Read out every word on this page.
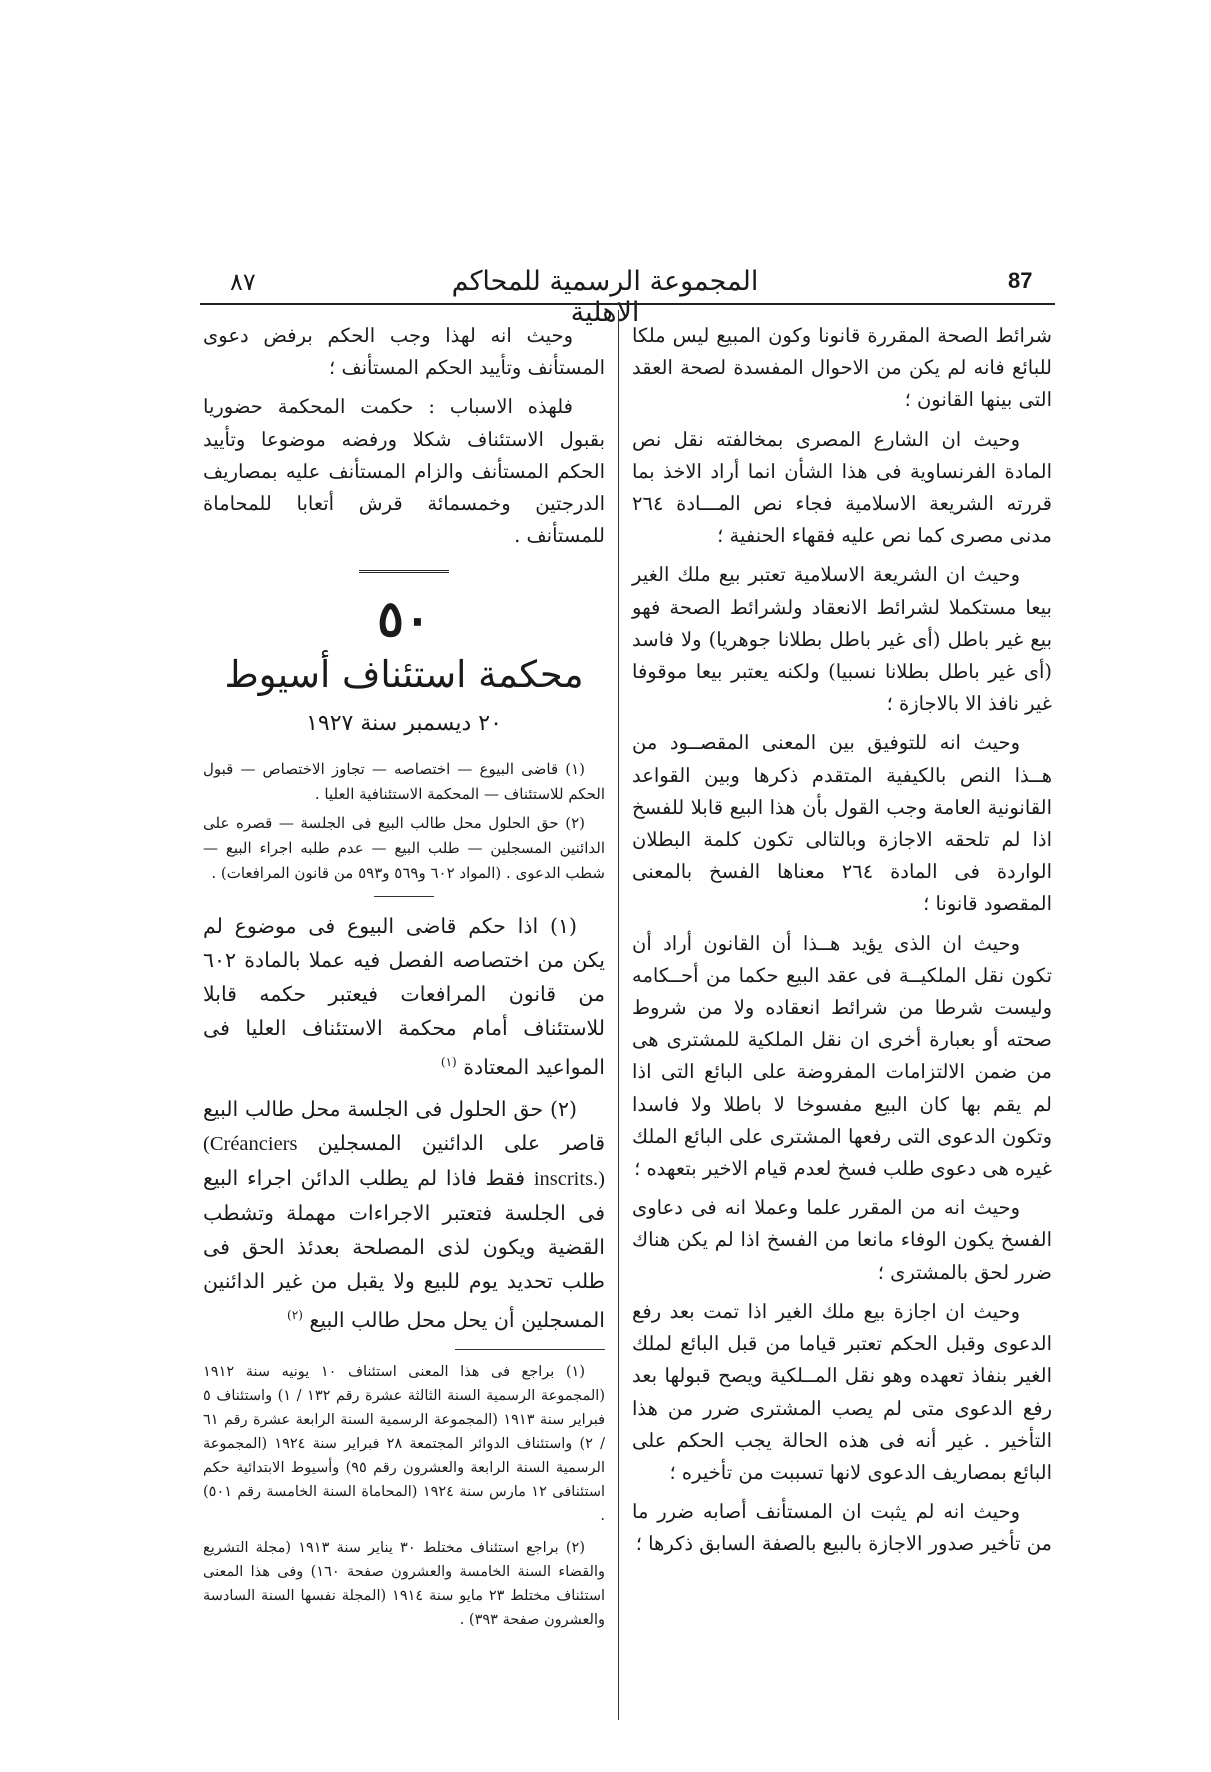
٨٧	المجموعة الرسمية للمحاكم الاهلية
87

شرائط الصحة المقررة قانونا وكون المبيع ليس ملكا للبائع فانه لم يكن من الاحوال المفسدة لصحة العقد التى بينها القانون ؛

وحيث ان الشارع المصرى بمخالفته نقل نص المادة الفرنساوية فى هذا الشأن انما أراد الاخذ بما قررته الشريعة الاسلامية فجاء نص المـــادة ٢٦٤ مدنى مصرى كما نص عليه فقهاء الحنفية ؛

وحيث ان الشريعة الاسلامية تعتبر بيع ملك الغير بيعا مستكملا لشرائط الانعقاد ولشرائط الصحة فهو بيع غير باطل (أى غير باطل بطلانا جوهريا) ولا فاسد (أى غير باطل بطلانا نسبيا) ولكنه يعتبر بيعا موقوفا غير نافذ الا بالاجازة ؛

وحيث انه للتوفيق بين المعنى المقصــود من هــذا النص بالكيفية المتقدم ذكرها وبين القواعد القانونية العامة وجب القول بأن هذا البيع قابلا للفسخ اذا لم تلحقه الاجازة وبالتالى تكون كلمة البطلان الواردة فى المادة ٢٦٤ معناها الفسخ بالمعنى المقصود قانونا ؛

وحيث ان الذى يؤيد هــذا أن القانون أراد أن تكون نقل الملكيــة فى عقد البيع حكما من أحــكامه وليست شرطا من شرائط انعقاده ولا من شروط صحته أو بعبارة أخرى ان نقل الملكية للمشترى هى من ضمن الالتزامات المفروضة على البائع التى اذا لم يقم بها كان البيع مفسوخا لا باطلا ولا فاسدا وتكون الدعوى التى رفعها المشترى على البائع الملك غيره هى دعوى طلب فسخ لعدم قيام الاخير بتعهده ؛

وحيث انه من المقرر علما وعملا انه فى دعاوى الفسخ يكون الوفاء مانعا من الفسخ اذا لم يكن هناك ضرر لحق بالمشترى ؛

وحيث ان اجازة بيع ملك الغير اذا تمت بعد رفع الدعوى وقبل الحكم تعتبر قياما من قبل البائع لملك الغير بنفاذ تعهده وهو نقل المــلكية ويصح قبولها بعد رفع الدعوى متى لم يصب المشترى ضرر من هذا التأخير . غير أنه فى هذه الحالة يجب الحكم على البائع بمصاريف الدعوى لانها تسببت من تأخيره ؛

وحيث انه لم يثبت ان المستأنف أصابه ضرر ما من تأخير صدور الاجازة بالبيع بالصفة السابق ذكرها ؛

وحيث انه لهذا وجب الحكم برفض دعوى المستأنف وتأييد الحكم المستأنف ؛

فلهذه الاسباب : حكمت المحكمة حضوريا بقبول الاستئناف شكلا ورفضه موضوعا وتأييد الحكم المستأنف والزام المستأنف عليه بمصاريف الدرجتين وخمسمائة قرش أتعابا للمحاماة للمستأنف .

٥٠
محكمة استئناف أسيوط
٢٠ ديسمبر سنة ١٩٢٧

(١) قاضى البيوع — اختصاصه — تجاوز الاختصاص — قبول الحكم للاستئناف — المحكمة الاستئنافية العليا .

(٢) حق الحلول محل طالب البيع فى الجلسة — قصره على الدائنين المسجلين — طلب البيع — عدم طلبه اجراء البيع — شطب الدعوى . (المواد ٦٠٢ و٥٦٩ و٥٩٣ من قانون المرافعات) .

(١) اذا حكم قاضى البيوع فى موضوع لم يكن من اختصاصه الفصل فيه عملا بالمادة ٦٠٢ من قانون المرافعات فيعتبر حكمه قابلا للاستئناف أمام محكمة الاستئناف العليا فى المواعيد المعتادة $^{(١)}$

(٢) حق الحلول فى الجلسة محل طالب البيع قاصر على الدائنين المسجلين (Créanciers inscrits.) فقط فاذا لم يطلب الدائن اجراء البيع فى الجلسة فتعتبر الاجراءات مهملة وتشطب القضية ويكون لذى المصلحة بعدئذ الحق فى طلب تحديد يوم للبيع ولا يقبل من غير الدائنين المسجلين أن يحل محل طالب البيع $^{(٢)}$

(١) براجع فى هذا المعنى استئناف ١٠ يونيه سنة ١٩١٢ (المجموعة الرسمية السنة الثالثة عشرة رقم ١٣٢ / ١) واستئناف ٥ فبراير سنة ١٩١٣ (المجموعة الرسمية السنة الرابعة عشرة رقم ٦١ / ٢) واستئناف الدوائر المجتمعة ٢٨ فبراير سنة ١٩٢٤ (المجموعة الرسمية السنة الرابعة والعشرون رقم ٩٥) وأسيوط الابتدائية حكم استئنافى ١٢ مارس سنة ١٩٢٤ (المحاماة السنة الخامسة رقم ٥٠١) .

(٢) براجع استئناف مختلط ٣٠ يناير سنة ١٩١٣ (مجلة التشريع والقضاء السنة الخامسة والعشرون صفحة ١٦٠) وفى هذا المعنى استئناف مختلط ٢٣ مايو سنة ١٩١٤ (المجلة نفسها السنة السادسة والعشرون صفحة ٣٩٣) .
